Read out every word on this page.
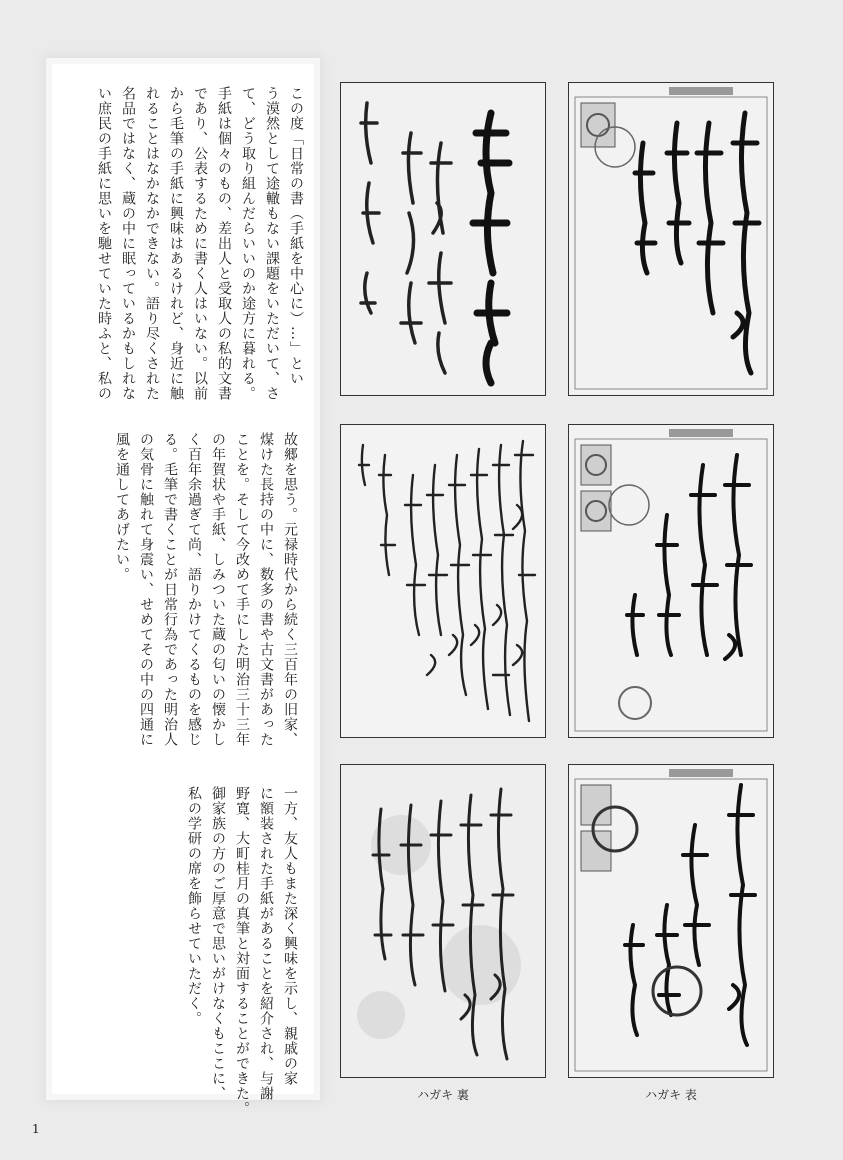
この度「日常の書（手紙を中心に）…」とい
う漠然として途轍もない課題をいただいて、さ
て、どう取り組んだらいいのか途方に暮れる。
手紙は個々のもの、差出人と受取人の私的文書
であり、公表するために書く人はいない。以前
から毛筆の手紙に興味はあるけれど、身近に触
れることはなかなかできない。語り尽くされた
名品ではなく、蔵の中に眠っているかもしれな
い庶民の手紙に思いを馳せていた時ふと、私の
故郷を思う。元禄時代から続く三百年の旧家、
煤けた長持の中に、数多の書や古文書があった
ことを。そして今改めて手にした明治三十三年
の年賀状や手紙、しみついた蔵の匂いの懐かし
く百年余過ぎて尚、語りかけてくるものを感じ
る。毛筆で書くことが日常行為であった明治人
の気骨に触れて身震い、せめてその中の四通に
風を通してあげたい。
一方、友人もまた深く興味を示し、親戚の家
に額装された手紙があることを紹介され、与謝
野寛、大町桂月の真筆と対面することができた。
御家族の方のご厚意で思いがけなくもここに、
私の学研の席を飾らせていただく。
ハガキ 裏	ハガキ 表
1
